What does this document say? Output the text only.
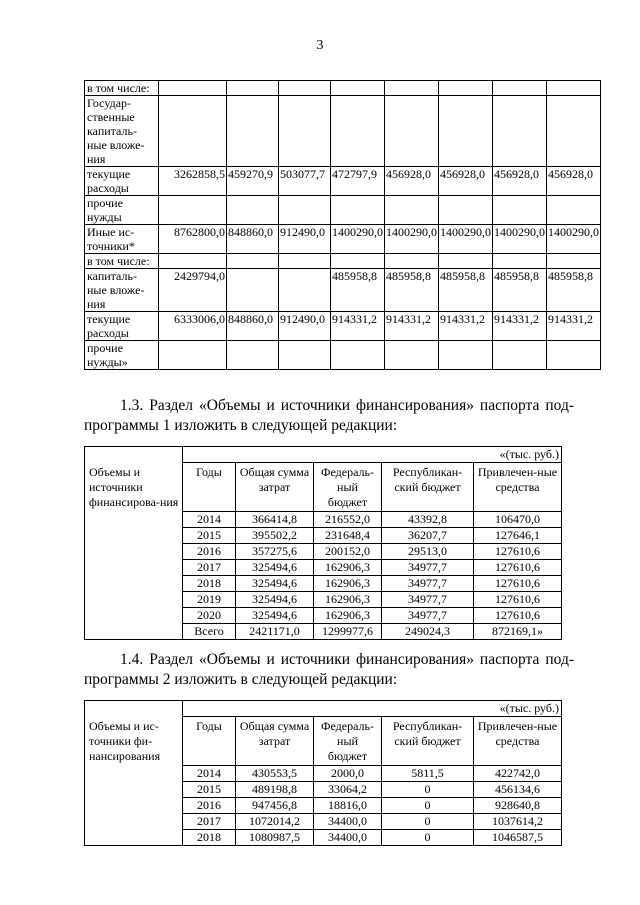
3
в том числе:								
Государ-ственные капиталь-ные вложе-ния								
текущие расходы	3262858,5	459270,9	503077,7	472797,9	456928,0	456928,0	456928,0	456928,0
прочие нужды								
Иные ис-точники*	8762800,0	848860,0	912490,0	1400290,0	1400290,0	1400290,0	1400290,0	1400290,0
в том числе:								
капиталь-ные вложе-ния	2429794,0			485958,8	485958,8	485958,8	485958,8	485958,8
текущие расходы	6333006,0	848860,0	912490,0	914331,2	914331,2	914331,2	914331,2	914331,2
прочие нужды»								
1.3. Раздел «Объемы и источники финансирования» паспорта под-программы 1 изложить в следующей редакции:
Объемы и источники финансирова-ния	«(тыс. руб.)				
	Годы	Общая сумма затрат	Федераль-ный бюджет	Республикан-ский бюджет	Привлечен-ные средства
	2014	366414,8	216552,0	43392,8	106470,0
	2015	395502,2	231648,4	36207,7	127646,1
	2016	357275,6	200152,0	29513,0	127610,6
	2017	325494,6	162906,3	34977,7	127610,6
	2018	325494,6	162906,3	34977,7	127610,6
	2019	325494,6	162906,3	34977,7	127610,6
	2020	325494,6	162906,3	34977,7	127610,6
	Всего	2421171,0	1299977,6	249024,3	872169,1»
1.4. Раздел «Объемы и источники финансирования» паспорта под-программы 2 изложить в следующей редакции:
Объемы и ис-точники фи-нансирования	«(тыс. руб.)				
	Годы	Общая сумма затрат	Федераль-ный бюджет	Республикан-ский бюджет	Привлечен-ные средства
	2014	430553,5	2000,0	5811,5	422742,0
	2015	489198,8	33064,2	0	456134,6
	2016	947456,8	18816,0	0	928640,8
	2017	1072014,2	34400,0	0	1037614,2
	2018	1080987,5	34400,0	0	1046587,5
